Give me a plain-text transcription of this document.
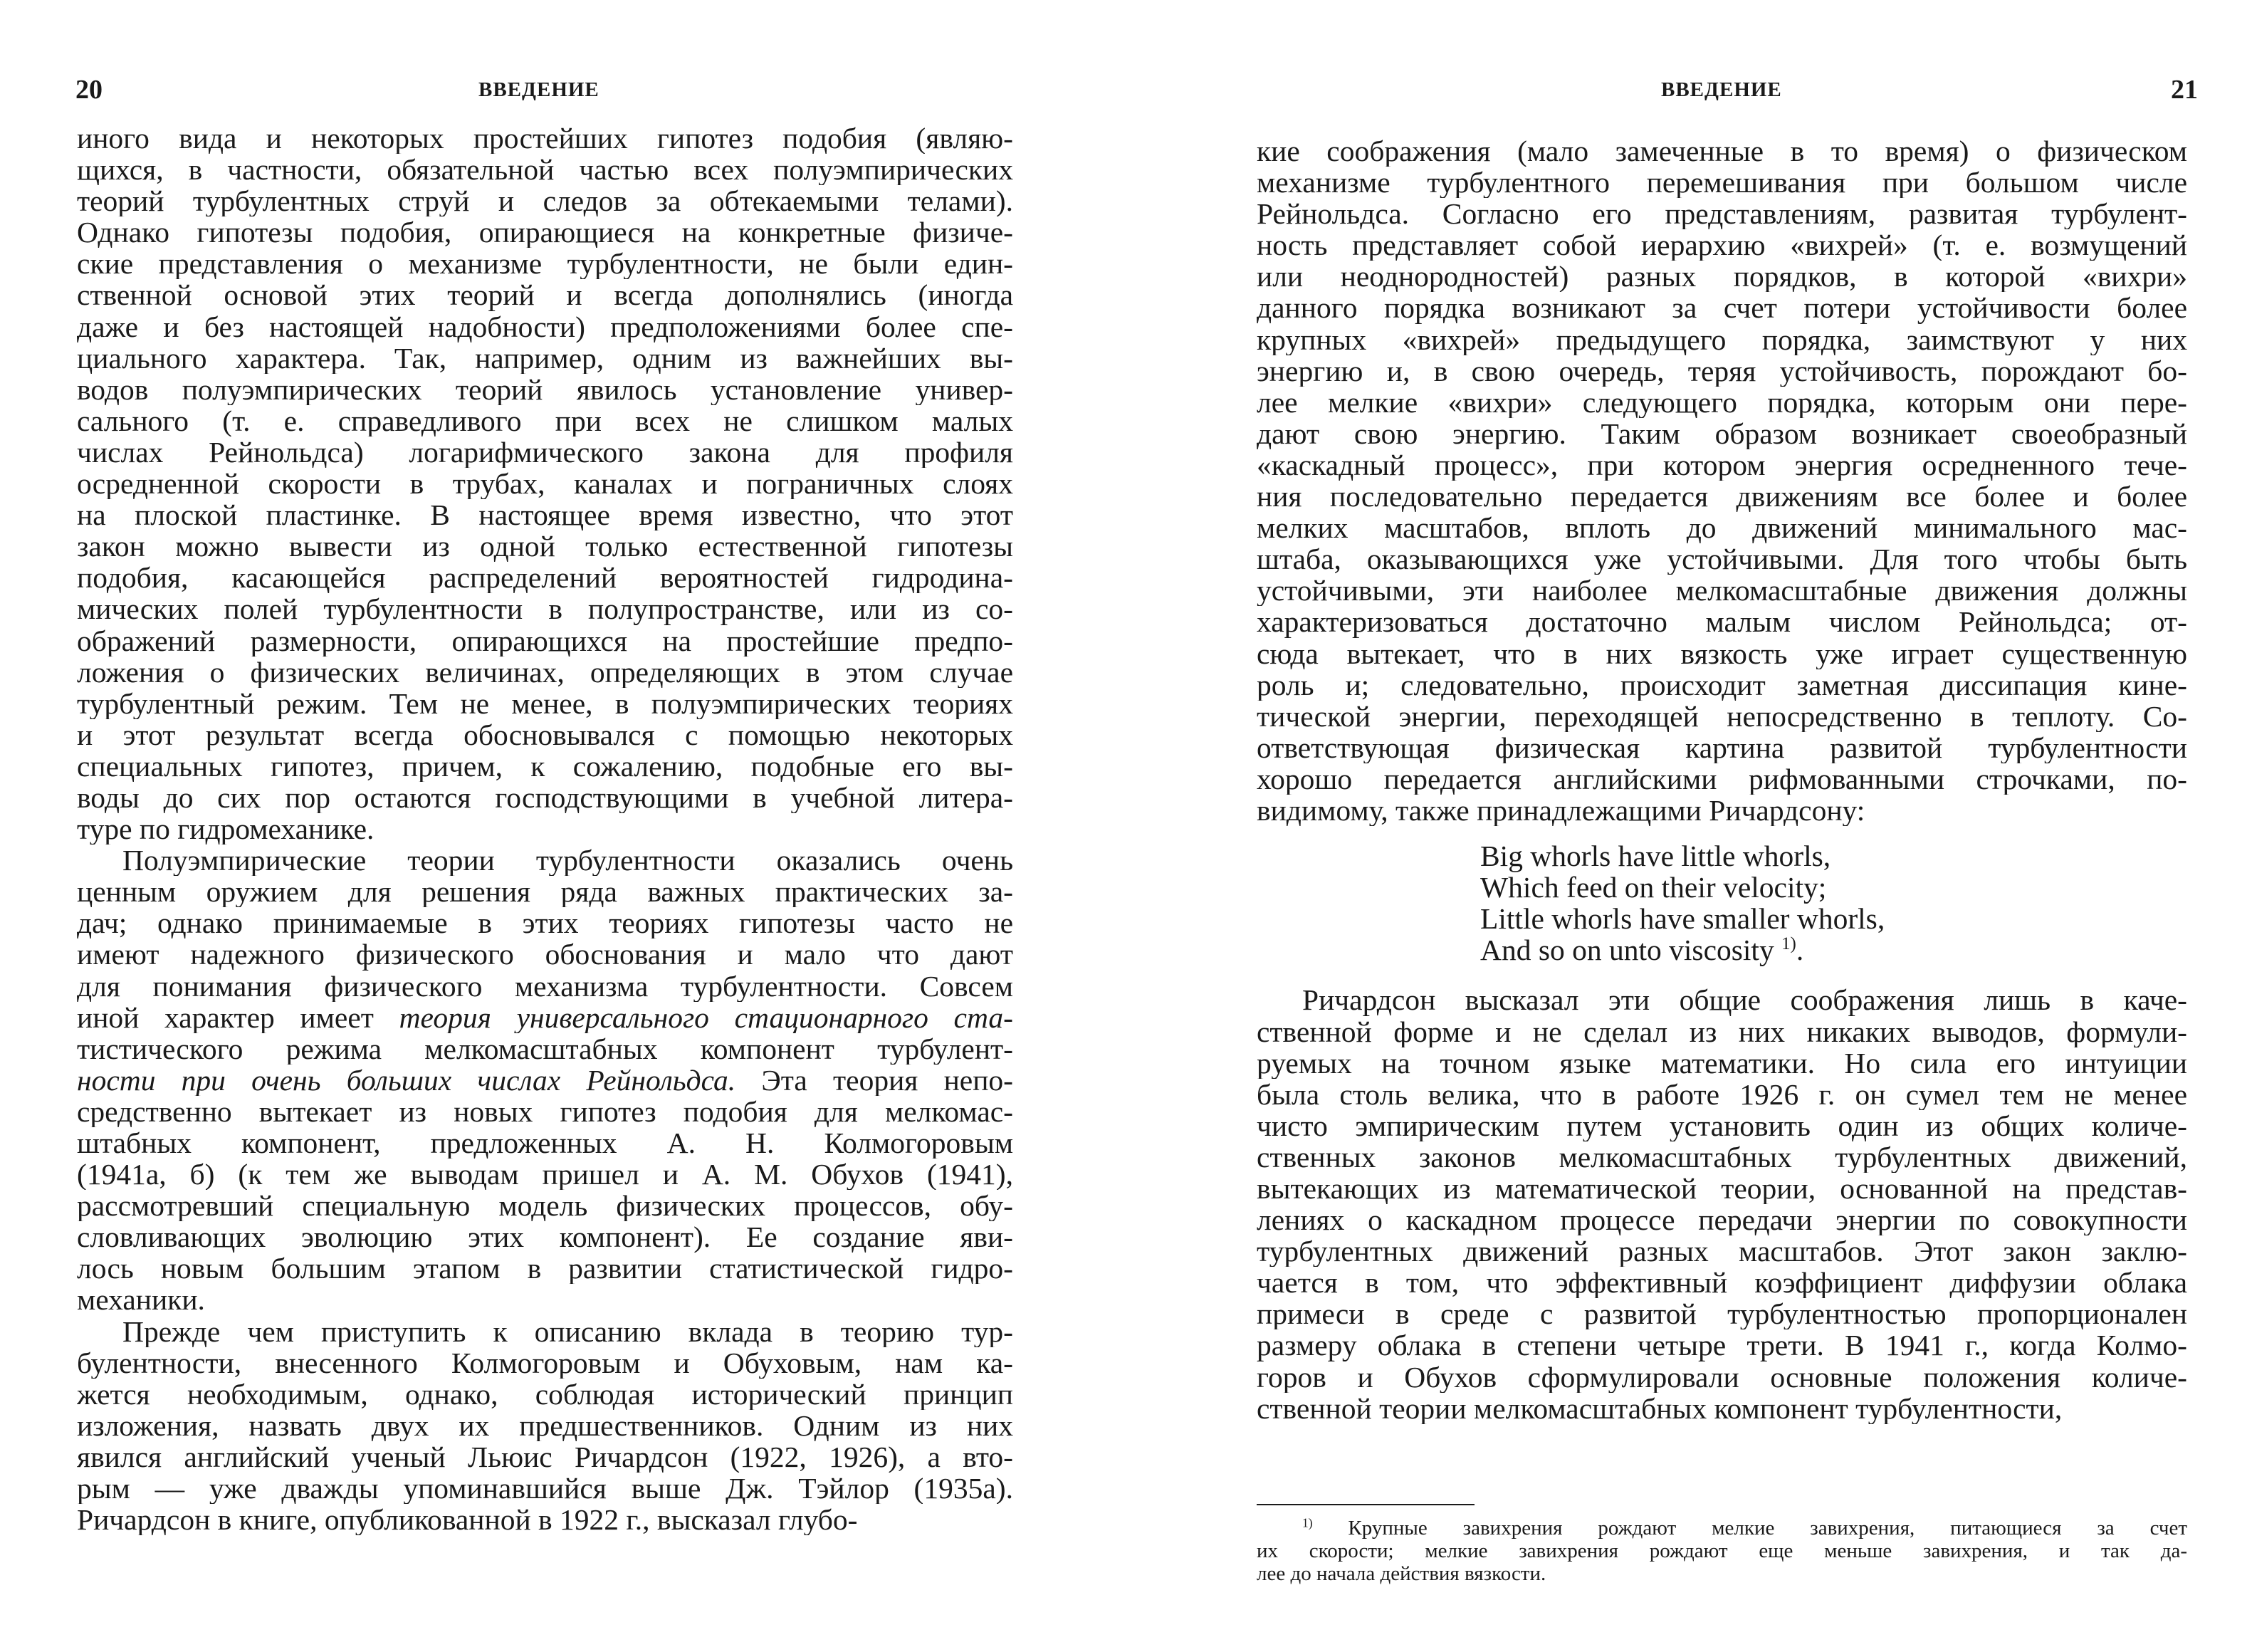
20	ВВЕДЕНИЕ

иного вида и некоторых простейших гипотез подобия (являю-
щихся, в частности, обязательной частью всех полуэмпирических
теорий турбулентных струй и следов за обтекаемыми телами).
Однако гипотезы подобия, опирающиеся на конкретные физиче-
ские представления о механизме турбулентности, не были един-
ственной основой этих теорий и всегда дополнялись (иногда
даже и без настоящей надобности) предположениями более спе-
циального характера. Так, например, одним из важнейших вы-
водов полуэмпирических теорий явилось установление универ-
сального (т. е. справедливого при всех не слишком малых
числах Рейнольдса) логарифмического закона для профиля
осредненной скорости в трубах, каналах и пограничных слоях
на плоской пластинке. В настоящее время известно, что этот
закон можно вывести из одной только естественной гипотезы
подобия, касающейся распределений вероятностей гидродина-
мических полей турбулентности в полупространстве, или из со-
ображений размерности, опирающихся на простейшие предпо-
ложения о физических величинах, определяющих в этом случае
турбулентный режим. Тем не менее, в полуэмпирических теориях
и этот результат всегда обосновывался с помощью некоторых
специальных гипотез, причем, к сожалению, подобные его вы-
воды до сих пор остаются господствующими в учебной литера-
туре по гидромеханике.

Полуэмпирические теории турбулентности оказались очень
ценным оружием для решения ряда важных практических за-
дач; однако принимаемые в этих теориях гипотезы часто не
имеют надежного физического обоснования и мало что дают
для понимания физического механизма турбулентности. Совсем
иной характер имеет теория универсального стационарного ста-
тистического режима мелкомасштабных компонент турбулент-
ности при очень больших числах Рейнольдса. Эта теория непо-
средственно вытекает из новых гипотез подобия для мелкомас-
штабных компонент, предложенных А. Н. Колмогоровым
(1941а, б) (к тем же выводам пришел и А. М. Обухов (1941),
рассмотревший специальную модель физических процессов, обу-
словливающих эволюцию этих компонент). Ее создание яви-
лось новым большим этапом в развитии статистической гидро-
механики.

Прежде чем приступить к описанию вклада в теорию тур-
булентности, внесенного Колмогоровым и Обуховым, нам ка-
жется необходимым, однако, соблюдая исторический принцип
изложения, назвать двух их предшественников. Одним из них
явился английский ученый Льюис Ричардсон (1922, 1926), а вто-
рым — уже дважды упоминавшийся выше Дж. Тэйлор (1935а).
Ричардсон в книге, опубликованной в 1922 г., высказал глубо-

ВВЕДЕНИЕ	21

кие соображения (мало замеченные в то время) о физическом
механизме турбулентного перемешивания при большом числе
Рейнольдса. Согласно его представлениям, развитая турбулент-
ность представляет собой иерархию «вихрей» (т. е. возмущений
или неоднородностей) разных порядков, в которой «вихри»
данного порядка возникают за счет потери устойчивости более
крупных «вихрей» предыдущего порядка, заимствуют у них
энергию и, в свою очередь, теряя устойчивость, порождают бо-
лее мелкие «вихри» следующего порядка, которым они пере-
дают свою энергию. Таким образом возникает своеобразный
«каскадный процесс», при котором энергия осредненного тече-
ния последовательно передается движениям все более и более
мелких масштабов, вплоть до движений минимального мас-
штаба, оказывающихся уже устойчивыми. Для того чтобы быть
устойчивыми, эти наиболее мелкомасштабные движения должны
характеризоваться достаточно малым числом Рейнольдса; от-
сюда вытекает, что в них вязкость уже играет существенную
роль и; следовательно, происходит заметная диссипация кине-
тической энергии, переходящей непосредственно в теплоту. Со-
ответствующая физическая картина развитой турбулентности
хорошо передается английскими рифмованными строчками, по-
видимому, также принадлежащими Ричардсону:

Big whorls have little whorls,
Which feed on their velocity;
Little whorls have smaller whorls,
And so on unto viscosity $^{1)}$.

Ричардсон высказал эти общие соображения лишь в каче-
ственной форме и не сделал из них никаких выводов, формули-
руемых на точном языке математики. Но сила его интуиции
была столь велика, что в работе 1926 г. он сумел тем не менее
чисто эмпирическим путем установить один из общих количе-
ственных законов мелкомасштабных турбулентных движений,
вытекающих из математической теории, основанной на представ-
лениях о каскадном процессе передачи энергии по совокупности
турбулентных движений разных масштабов. Этот закон заклю-
чается в том, что эффективный коэффициент диффузии облака
примеси в среде с развитой турбулентностью пропорционален
размеру облака в степени четыре трети. В 1941 г., когда Колмо-
горов и Обухов сформулировали основные положения количе-
ственной теории мелкомасштабных компонент турбулентности,

$^{1)}$ Крупные завихрения рождают мелкие завихрения, питающиеся за счет
их скорости; мелкие завихрения рождают еще меньше завихрения, и так да-
лее до начала действия вязкости.
